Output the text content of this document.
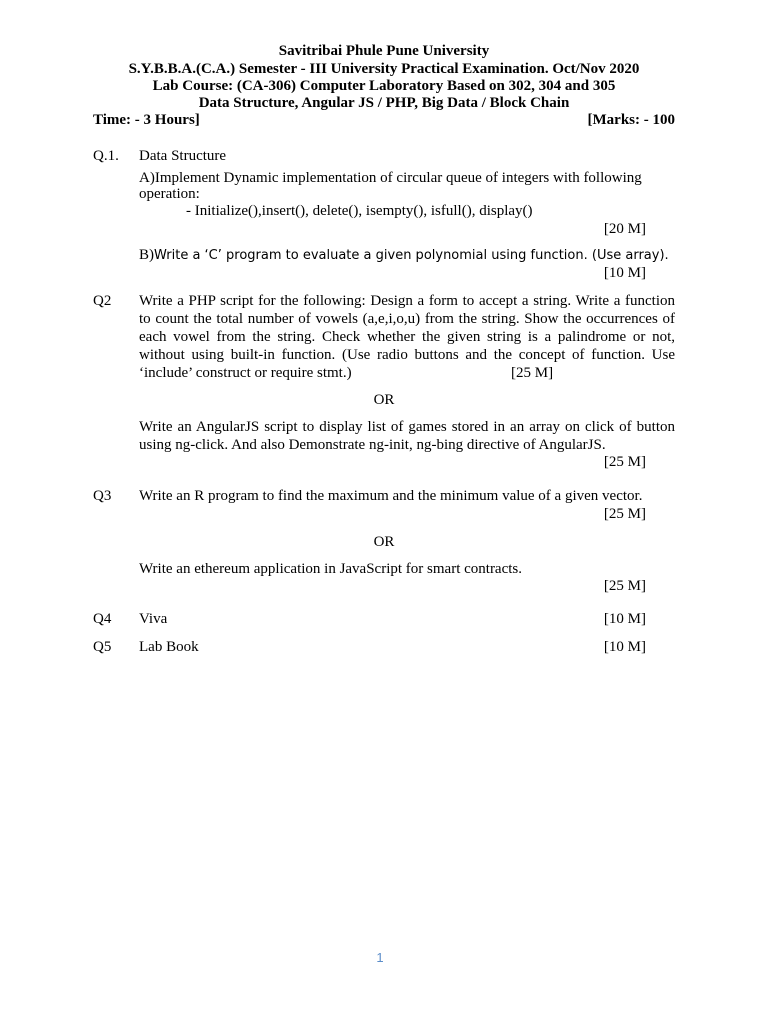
Savitribai Phule Pune University
S.Y.B.B.A.(C.A.) Semester - III University Practical Examination. Oct/Nov 2020
Lab Course: (CA-306) Computer Laboratory Based on 302, 304 and 305
Data Structure, Angular JS / PHP, Big Data / Block Chain
Time: - 3 Hours]	[Marks: - 100
Q.1. Data Structure
A)Implement Dynamic implementation of circular queue of integers with following
operation:
- Initialize(),insert(), delete(), isempty(), isfull(), display()
[20 M]
B)Write a ‘C’ program to evaluate a given polynomial using function. (Use array).
[10 M]
Q2 Write a PHP script for the following: Design a form to accept a string. Write a function
to count the total number of vowels (a,e,i,o,u) from the string. Show the occurrences of
each vowel from the string. Check whether the given string is a palindrome or not,
without using built-in function. (Use radio buttons and the concept of function. Use
‘include’ construct or require stmt.)	[25 M]
OR
Write an AngularJS script to display list of games stored in an array on click of button
using ng-click. And also Demonstrate ng-init, ng-bing directive of AngularJS.
[25 M]
Q3 Write an R program to find the maximum and the minimum value of a given vector.
[25 M]
OR
Write an ethereum application in JavaScript for smart contracts.
[25 M]
Q4 Viva	[10 M]
Q5 Lab Book	[10 M]
1
